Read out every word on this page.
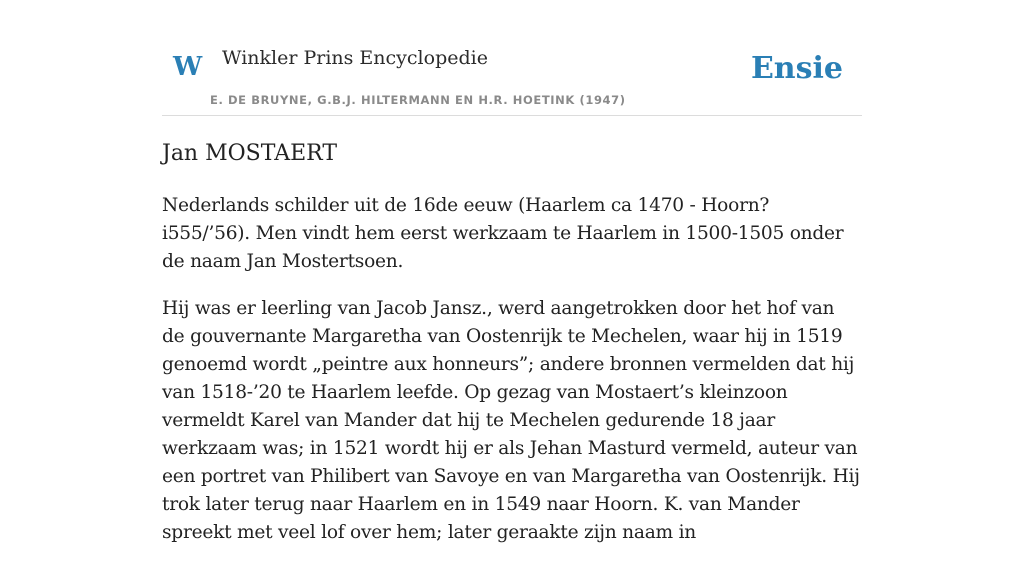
W Winkler Prins Encyclopedie
E. DE BRUYNE, G.B.J. HILTERMANN EN H.R. HOETINK (1947)
Ensie
Jan MOSTAERT

Nederlands schilder uit de 16de eeuw (Haarlem ca 1470 - Hoorn? i555/’56). Men vindt hem eerst werkzaam te Haarlem in 1500-1505 onder de naam Jan Mostertsoen.

Hij was er leerling van Jacob Jansz., werd aangetrokken door het hof van de gouvernante Margaretha van Oostenrijk te Mechelen, waar hij in 1519 genoemd wordt „peintre aux honneurs”; andere bronnen vermelden dat hij van 1518-’20 te Haarlem leefde. Op gezag van Mostaert’s kleinzoon vermeldt Karel van Mander dat hij te Mechelen gedurende 18 jaar werkzaam was; in 1521 wordt hij er als Jehan Masturd vermeld, auteur van een portret van Philibert van Savoye en van Margaretha van Oostenrijk. Hij trok later terug naar Haarlem en in 1549 naar Hoorn. K. van Mander spreekt met veel lof over hem; later geraakte zijn naam in
